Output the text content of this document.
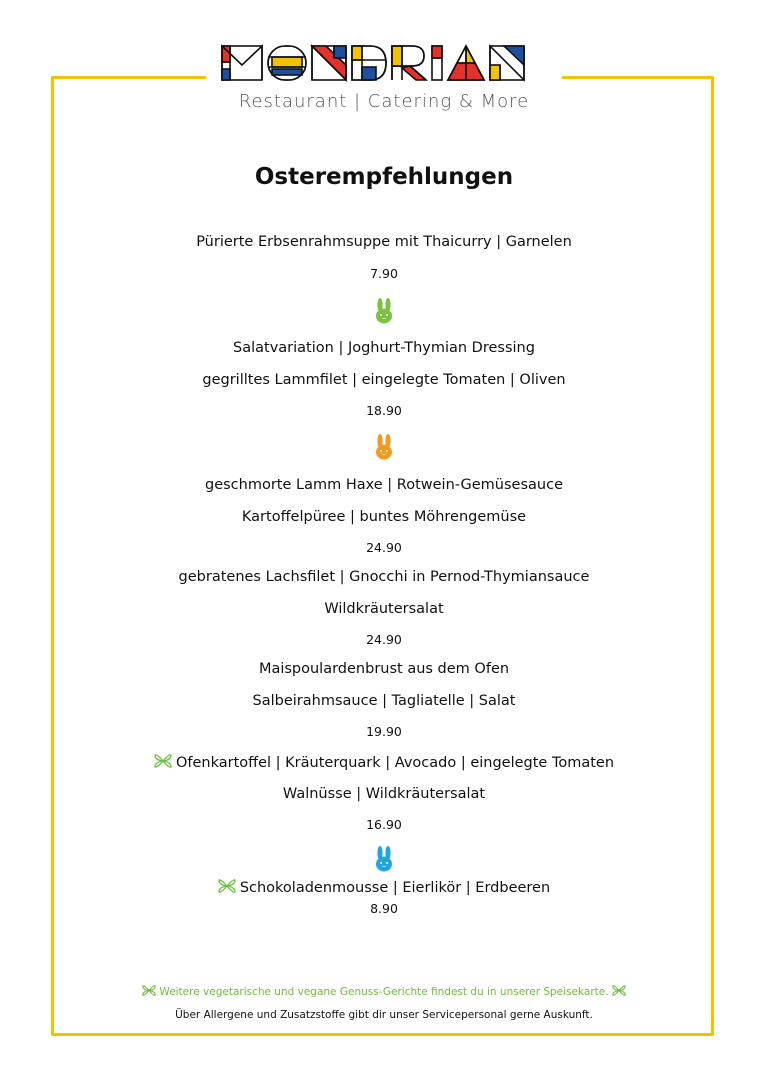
Restaurant | Catering & More
Osterempfehlungen
Pürierte Erbsenrahmsuppe mit Thaicurry | Garnelen
7.90
Salatvariation | Joghurt-Thymian Dressing
gegrilltes Lammfilet | eingelegte Tomaten | Oliven
18.90
geschmorte Lamm Haxe | Rotwein-Gemüsesauce
Kartoffelpüree | buntes Möhrengemüse
24.90
gebratenes Lachsfilet | Gnocchi in Pernod-Thymiansauce
Wildkräutersalat
24.90
Maispoulardenbrust aus dem Ofen
Salbeirahmsauce | Tagliatelle | Salat
19.90
Ofenkartoffel | Kräuterquark | Avocado | eingelegte Tomaten
Walnüsse | Wildkräutersalat
16.90
Schokoladenmousse | Eierlikör | Erdbeeren
8.90
Weitere vegetarische und vegane Genuss-Gerichte findest du in unserer Speisekarte.
Über Allergene und Zusatzstoffe gibt dir unser Servicepersonal gerne Auskunft.
